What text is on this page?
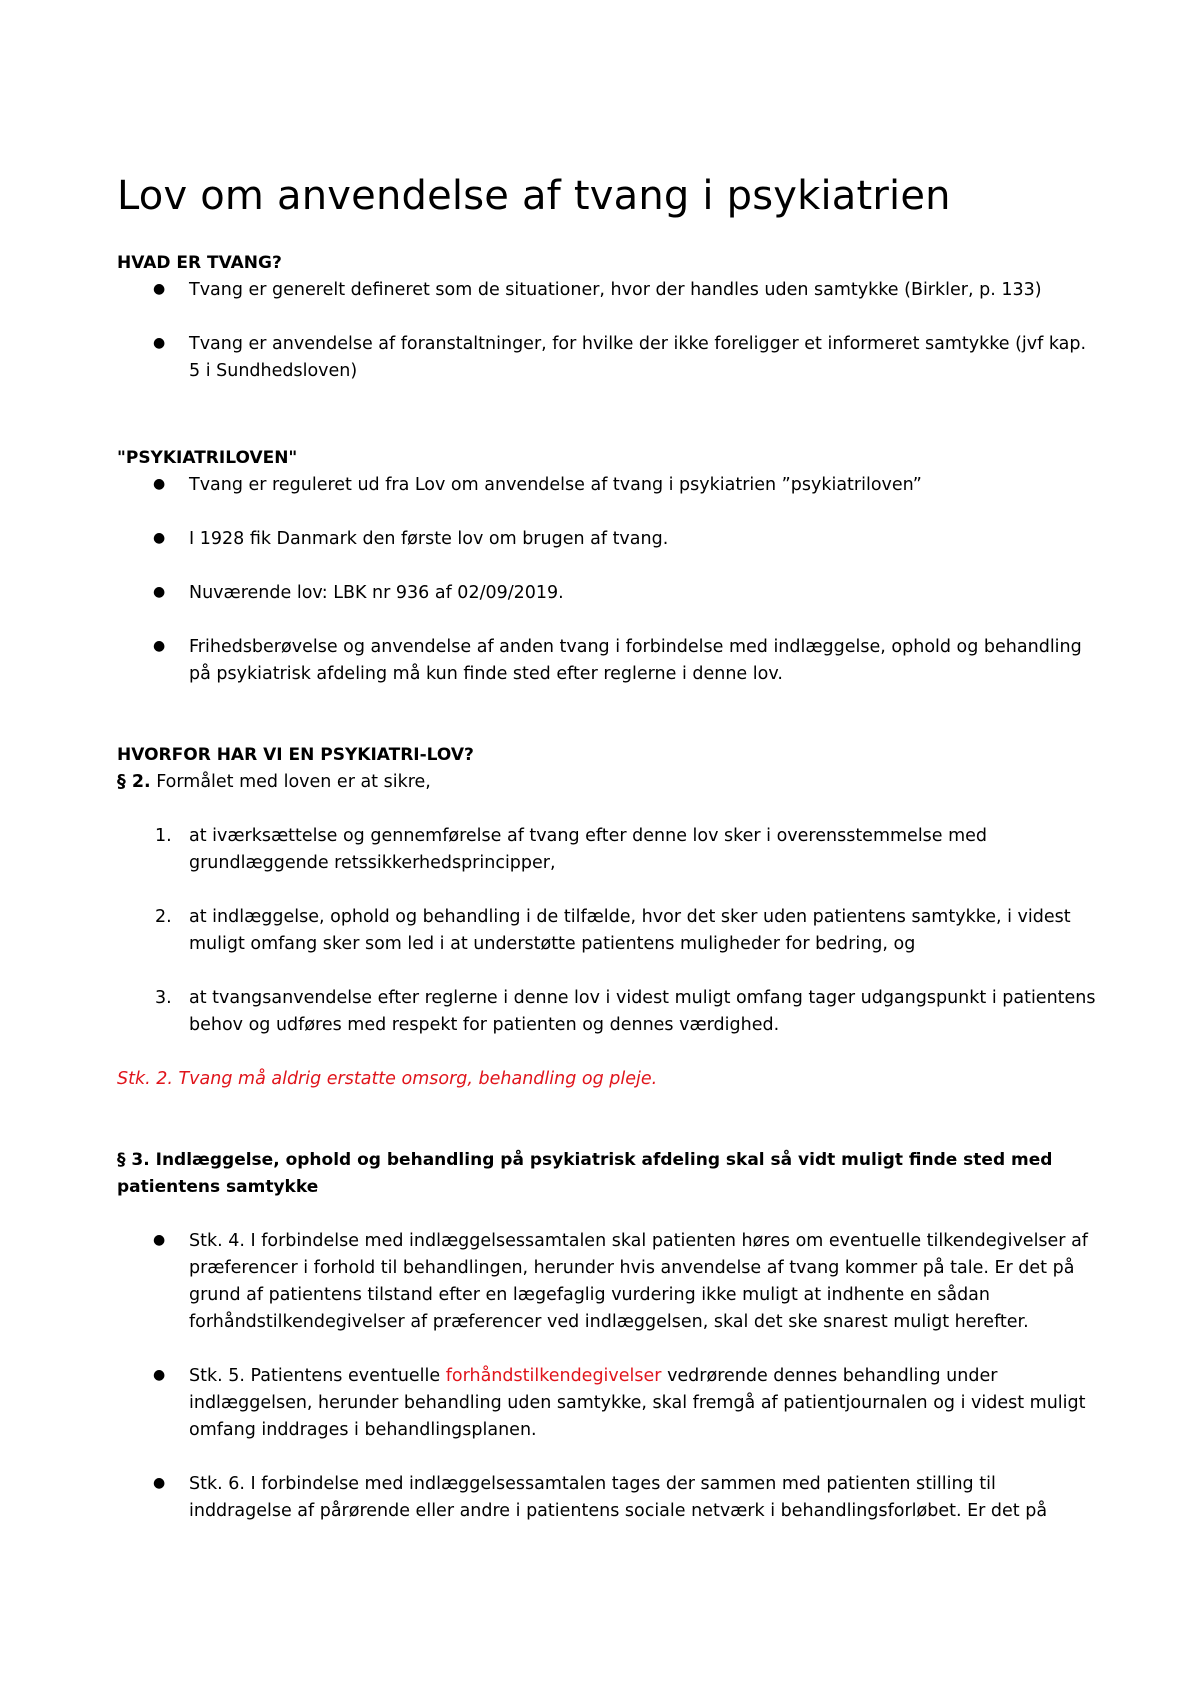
Lov om anvendelse af tvang i psykiatrien

HVAD ER TVANG?

● Tvang er generelt defineret som de situationer, hvor der handles uden samtykke (Birkler, p. 133)
● Tvang er anvendelse af foranstaltninger, for hvilke der ikke foreligger et informeret samtykke (jvf kap. 5 i Sundhedsloven)

"PSYKIATRILOVEN"

● Tvang er reguleret ud fra Lov om anvendelse af tvang i psykiatrien ”psykiatriloven”
● I 1928 fik Danmark den første lov om brugen af tvang.
● Nuværende lov: LBK nr 936 af 02/09/2019.
● Frihedsberøvelse og anvendelse af anden tvang i forbindelse med indlæggelse, ophold og behandling på psykiatrisk afdeling må kun finde sted efter reglerne i denne lov.

HVORFOR HAR VI EN PSYKIATRI-LOV?

§ 2. Formålet med loven er at sikre,

1. at iværksættelse og gennemførelse af tvang efter denne lov sker i overensstemmelse med grundlæggende retssikkerhedsprincipper,
2. at indlæggelse, ophold og behandling i de tilfælde, hvor det sker uden patientens samtykke, i videst muligt omfang sker som led i at understøtte patientens muligheder for bedring, og
3. at tvangsanvendelse efter reglerne i denne lov i videst muligt omfang tager udgangspunkt i patientens behov og udføres med respekt for patienten og dennes værdighed.

Stk. 2. Tvang må aldrig erstatte omsorg, behandling og pleje.

§ 3. Indlæggelse, ophold og behandling på psykiatrisk afdeling skal så vidt muligt finde sted med patientens samtykke

● Stk. 4. I forbindelse med indlæggelsessamtalen skal patienten høres om eventuelle tilkendegivelser af præferencer i forhold til behandlingen, herunder hvis anvendelse af tvang kommer på tale. Er det på grund af patientens tilstand efter en lægefaglig vurdering ikke muligt at indhente en sådan forhåndstilkendegivelser af præferencer ved indlæggelsen, skal det ske snarest muligt herefter.
● Stk. 5. Patientens eventuelle forhåndstilkendegivelser vedrørende dennes behandling under indlæggelsen, herunder behandling uden samtykke, skal fremgå af patientjournalen og i videst muligt omfang inddrages i behandlingsplanen.
● Stk. 6. I forbindelse med indlæggelsessamtalen tages der sammen med patienten stilling til inddragelse af pårørende eller andre i patientens sociale netværk i behandlingsforløbet. Er det på
